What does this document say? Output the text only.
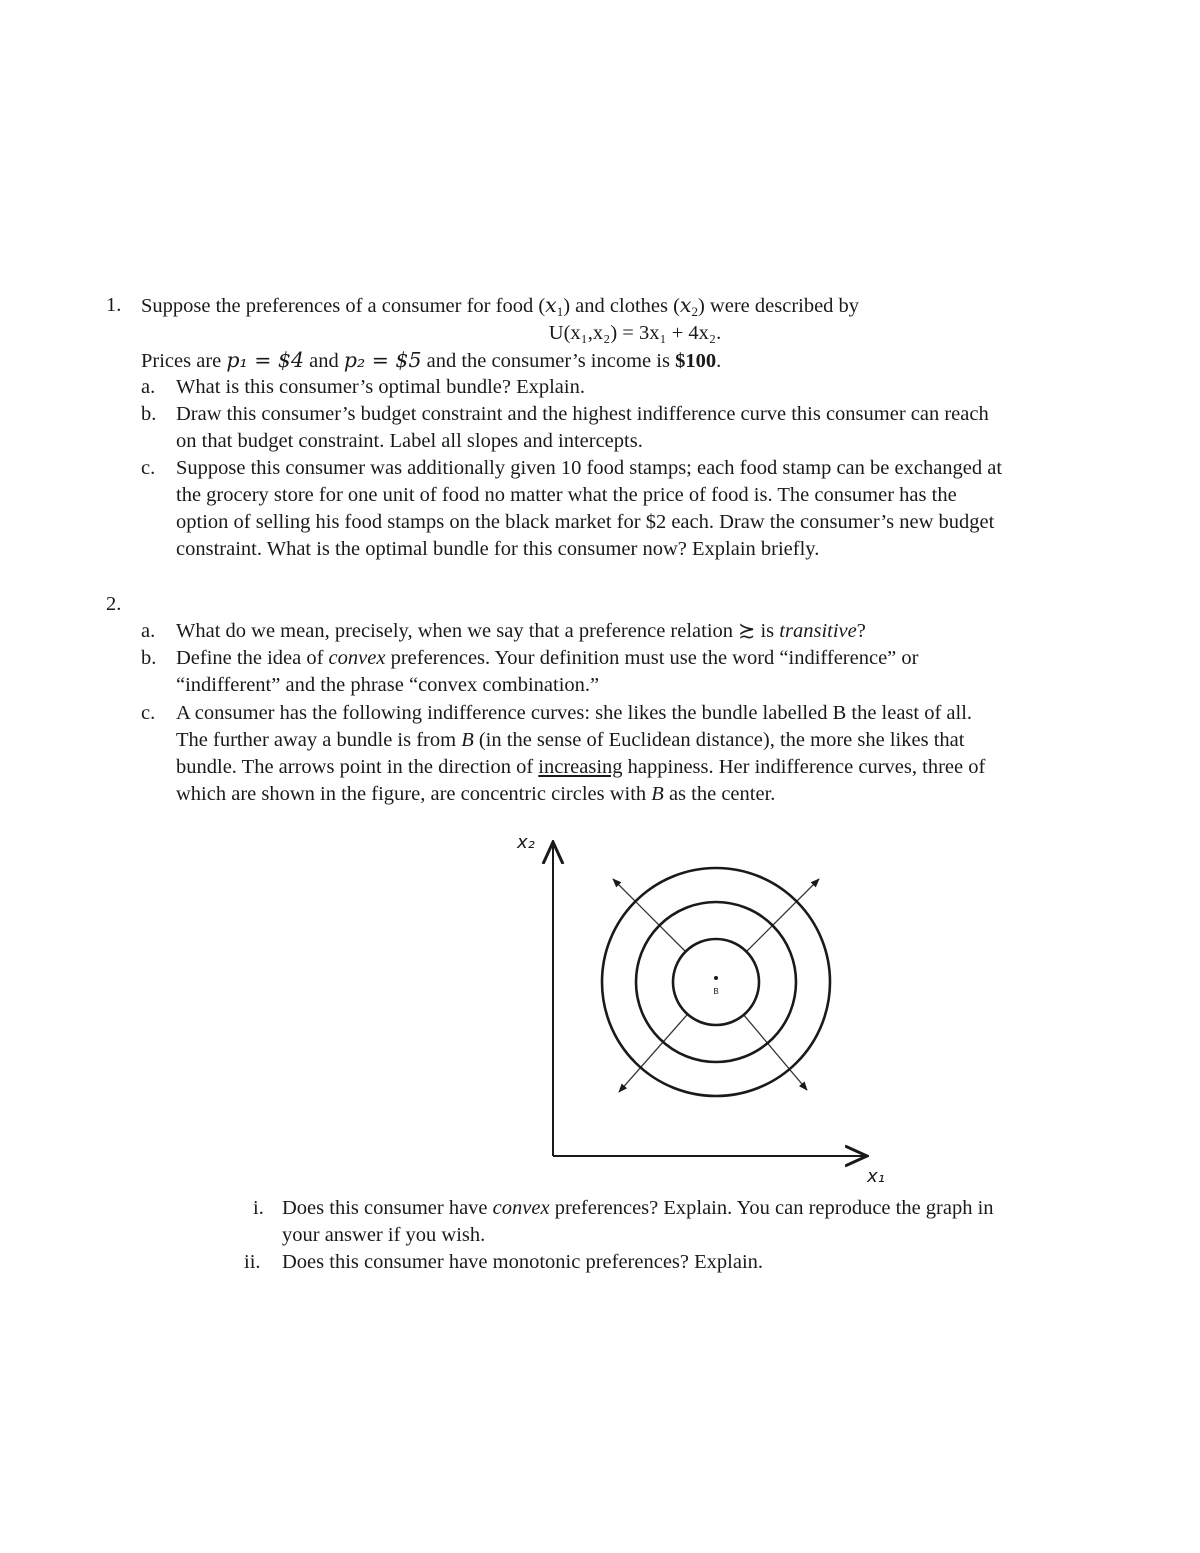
1. Suppose the preferences of a consumer for food $(x_1)$ and clothes $(x_2)$ were described by
U(x₁,x₂) = 3x₁ + 4x₂.
Prices are p₁ = $4 and p₂ = $5 and the consumer’s income is $100.
a. What is this consumer’s optimal bundle? Explain.
b. Draw this consumer’s budget constraint and the highest indifference curve this consumer can reach
on that budget constraint. Label all slopes and intercepts.
c. Suppose this consumer was additionally given 10 food stamps; each food stamp can be exchanged at
the grocery store for one unit of food no matter what the price of food is. The consumer has the
option of selling his food stamps on the black market for $2 each. Draw the consumer’s new budget
constraint. What is the optimal bundle for this consumer now? Explain briefly.
2.
a. What do we mean, precisely, when we say that a preference relation ≿ is transitive?
b. Define the idea of convex preferences. Your definition must use the word “indifference” or
“indifferent” and the phrase “convex combination.”
c. A consumer has the following indifference curves: she likes the bundle labelled B the least of all.
The further away a bundle is from B (in the sense of Euclidean distance), the more she likes that
bundle. The arrows point in the direction of increasing happiness. Her indifference curves, three of
which are shown in the figure, are concentric circles with B as the center.
x₂
x₁
B
i. Does this consumer have convex preferences? Explain. You can reproduce the graph in
your answer if you wish.
ii. Does this consumer have monotonic preferences? Explain.
